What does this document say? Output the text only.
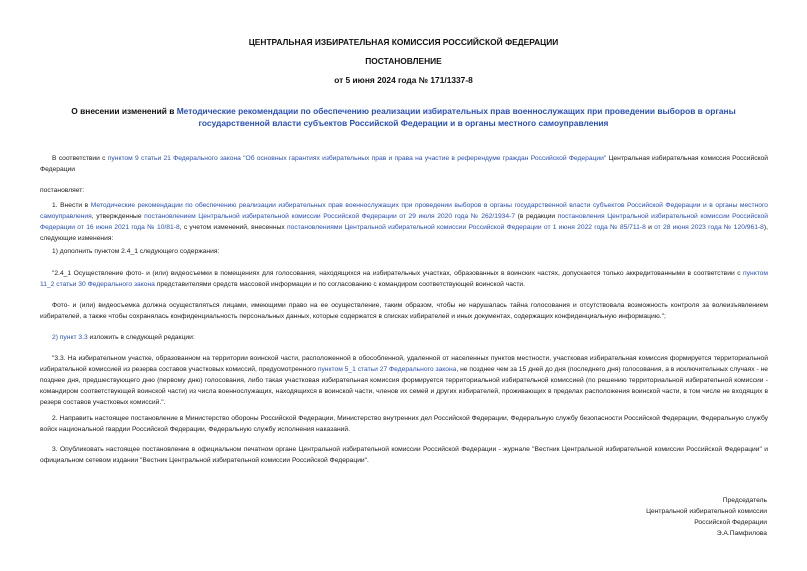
ЦЕНТРАЛЬНАЯ ИЗБИРАТЕЛЬНАЯ КОМИССИЯ РОССИЙСКОЙ ФЕДЕРАЦИИ
ПОСТАНОВЛЕНИЕ
от 5 июня 2024 года № 171/1337-8
О внесении изменений в Методические рекомендации по обеспечению реализации избирательных прав военнослужащих при проведении выборов в органы государственной власти субъектов Российской Федерации и в органы местного самоуправления
В соответствии с пунктом 9 статьи 21 Федерального закона "Об основных гарантиях избирательных прав и права на участие в референдуме граждан Российской Федерации" Центральная избирательная комиссия Российской Федерации
постановляет:
1. Внести в Методические рекомендации по обеспечению реализации избирательных прав военнослужащих при проведении выборов в органы государственной власти субъектов Российской Федерации и в органы местного самоуправления, утвержденные постановлением Центральной избирательной комиссии Российской Федерации от 29 июля 2020 года № 262/1934-7 (в редакции постановления Центральной избирательной комиссии Российской Федерации от 16 июня 2021 года № 10/81-8, с учетом изменений, внесенных постановлениями Центральной избирательной комиссии Российской Федерации от 1 июня 2022 года № 85/711-8 и от 28 июня 2023 года № 120/961-8), следующие изменения:
1) дополнить пунктом 2.4_1 следующего содержания:
"2.4_1 Осуществление фото- и (или) видеосъемки в помещениях для голосования, находящихся на избирательных участках, образованных в воинских частях, допускается только аккредитованными в соответствии с пунктом 11_2 статьи 30 Федерального закона представителями средств массовой информации и по согласованию с командиром соответствующей воинской части.
Фото- и (или) видеосъемка должна осуществляться лицами, имеющими право на ее осуществление, таким образом, чтобы не нарушалась тайна голосования и отсутствовала возможность контроля за волеизъявлением избирателей, а также чтобы сохранялась конфиденциальность персональных данных, которые содержатся в списках избирателей и иных документах, содержащих конфиденциальную информацию.";
2) пункт 3.3 изложить в следующей редакции:
"3.3. На избирательном участке, образованном на территории воинской части, расположенной в обособленной, удаленной от населенных пунктов местности, участковая избирательная комиссия формируется территориальной избирательной комиссией из резерва составов участковых комиссий, предусмотренного пунктом 5_1 статьи 27 Федерального закона, не позднее чем за 15 дней до дня (последнего дня) голосования, а в исключительных случаях - не позднее дня, предшествующего дню (первому дню) голосования, либо такая участковая избирательная комиссия формируется территориальной избирательной комиссией (по решению территориальной избирательной комиссии - командиром соответствующей воинской части) из числа военнослужащих, находящихся в воинской части, членов их семей и других избирателей, проживающих в пределах расположения воинской части, в том числе не входящих в резерв составов участковых комиссий.".
2. Направить настоящее постановление в Министерство обороны Российской Федерации, Министерство внутренних дел Российской Федерации, Федеральную службу безопасности Российской Федерации, Федеральную службу войск национальной гвардии Российской Федерации, Федеральную службу исполнения наказаний.
3. Опубликовать настоящее постановление в официальном печатном органе Центральной избирательной комиссии Российской Федерации - журнале "Вестник Центральной избирательной комиссии Российской Федерации" и официальном сетевом издании "Вестник Центральной избирательной комиссии Российской Федерации".
Председатель
Центральной избирательной комиссии
Российской Федерации
Э.А.Памфилова
